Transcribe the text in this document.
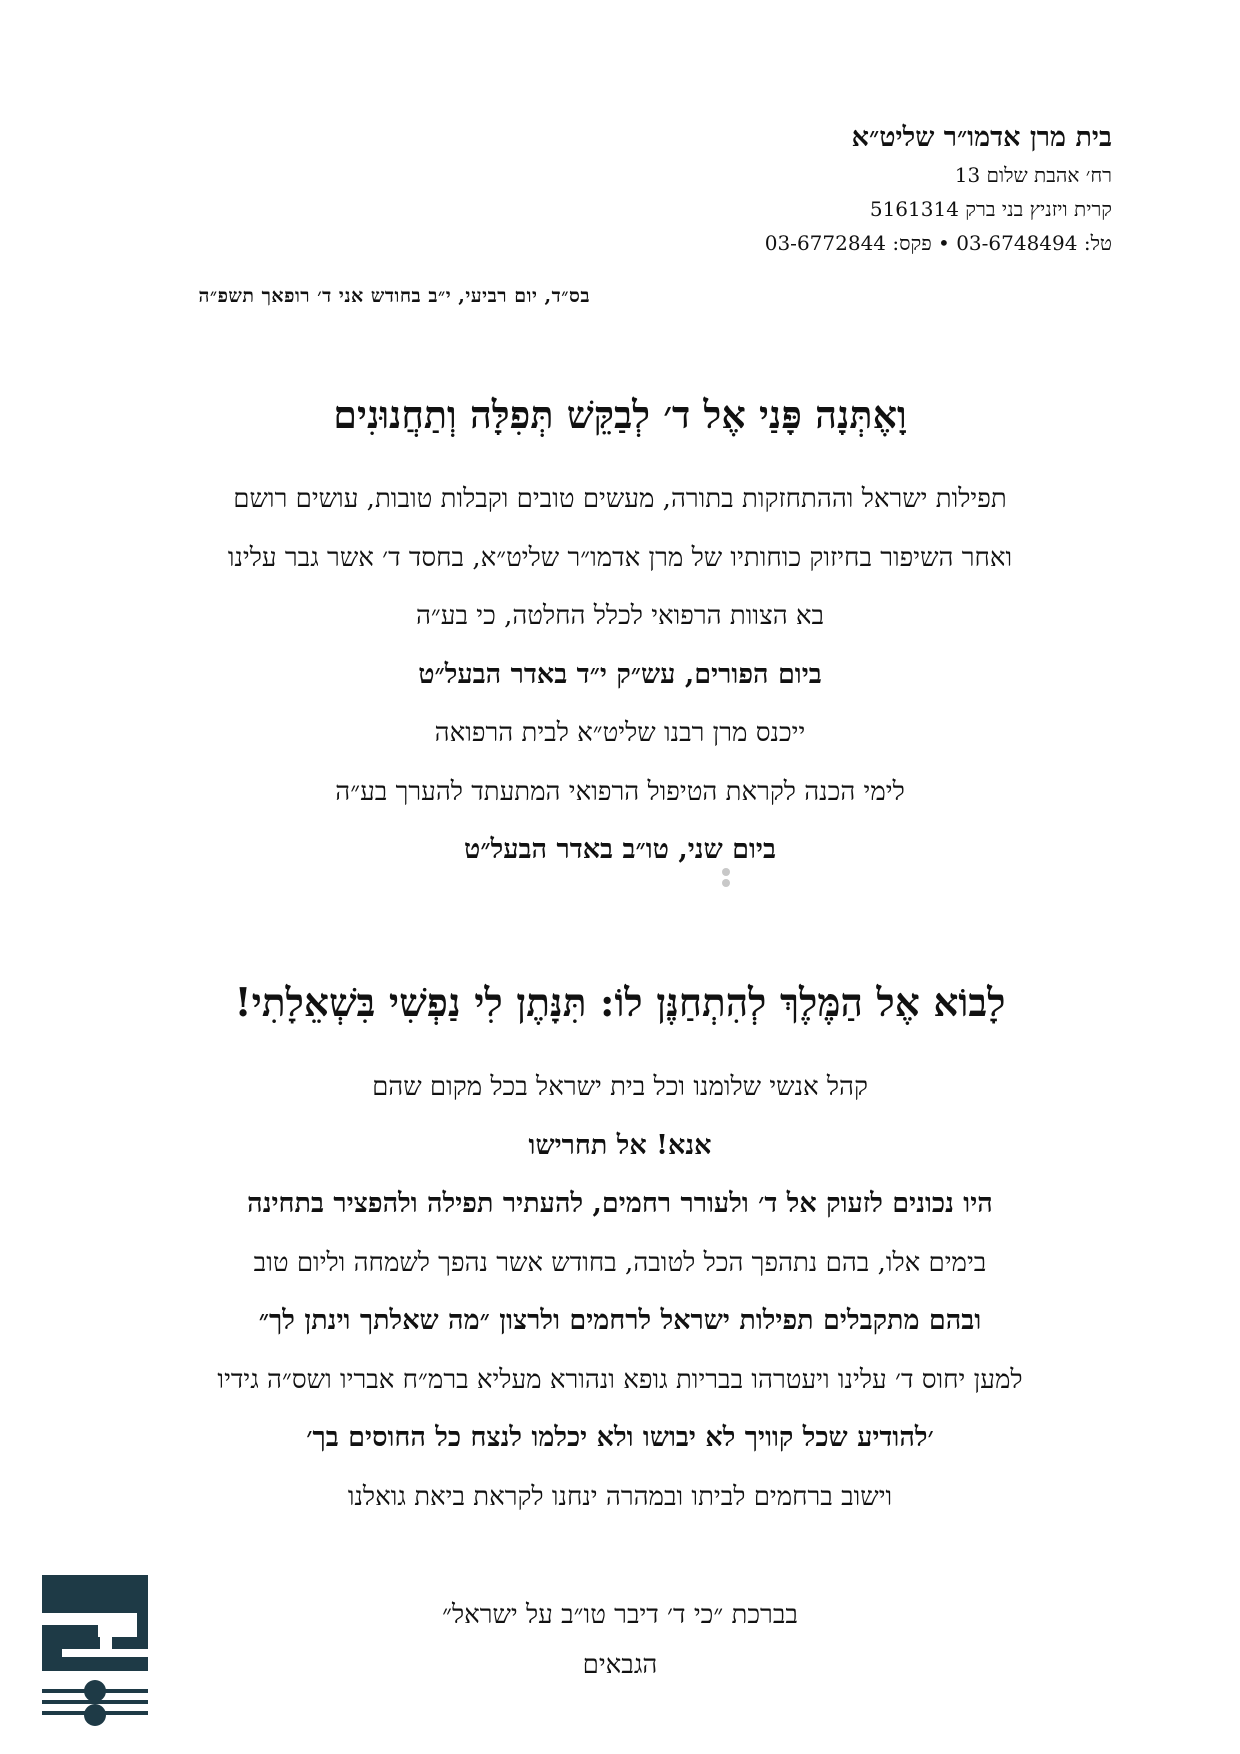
בית מרן אדמו״ר שליט״א
רח׳ אהבת שלום 13
קרית ויזניץ בני ברק 5161314
טל: 03-6748494 • פקס: 03-6772844
בס״ד, יום רביעי, י״ב בחודש אני ד׳ רופאך תשפ״ה
וָאֶתְּנָה פָּנַי אֶל ד׳ לְבַקֵּשׁ תְּפִלָּה וְתַחֲנוּנִים
תפילות ישראל וההתחזקות בתורה, מעשים טובים וקבלות טובות, עושים רושם
ואחר השיפור בחיזוק כוחותיו של מרן אדמו״ר שליט״א, בחסד ד׳ אשר גבר עלינו
בא הצוות הרפואי לכלל החלטה, כי בע״ה
ביום הפורים, עש״ק י״ד באדר הבעל״ט
ייכנס מרן רבנו שליט״א לבית הרפואה
לימי הכנה לקראת הטיפול הרפואי המתעתד להערך בע״ה
ביום שני, טו״ב באדר הבעל״ט
לָבוֹא אֶל הַמֶּלֶךְ לְהִתְחַנֶּן לוֹ: תִּנָּתֶן לִי נַפְשִׁי בִּשְׁאֵלָתִי!
קהל אנשי שלומנו וכל בית ישראל בכל מקום שהם
אנא! אל תחרישו
היו נכונים לזעוק אל ד׳ ולעורר רחמים, להעתיר תפילה ולהפציר בתחינה
בימים אלו, בהם נתהפך הכל לטובה, בחודש אשר נהפך לשמחה וליום טוב
ובהם מתקבלים תפילות ישראל לרחמים ולרצון ״מה שאלתך וינתן לך״
למען יחוס ד׳ עלינו ויעטרהו בבריות גופא ונהורא מעליא ברמ״ח אבריו ושס״ה גידיו
׳להודיע שכל קוויך לא יבושו ולא יכלמו לנצח כל החוסים בך׳
וישוב ברחמים לביתו ובמהרה ינחנו לקראת ביאת גואלנו
בברכת ״כי ד׳ דיבר טו״ב על ישראל״
הגבאים
